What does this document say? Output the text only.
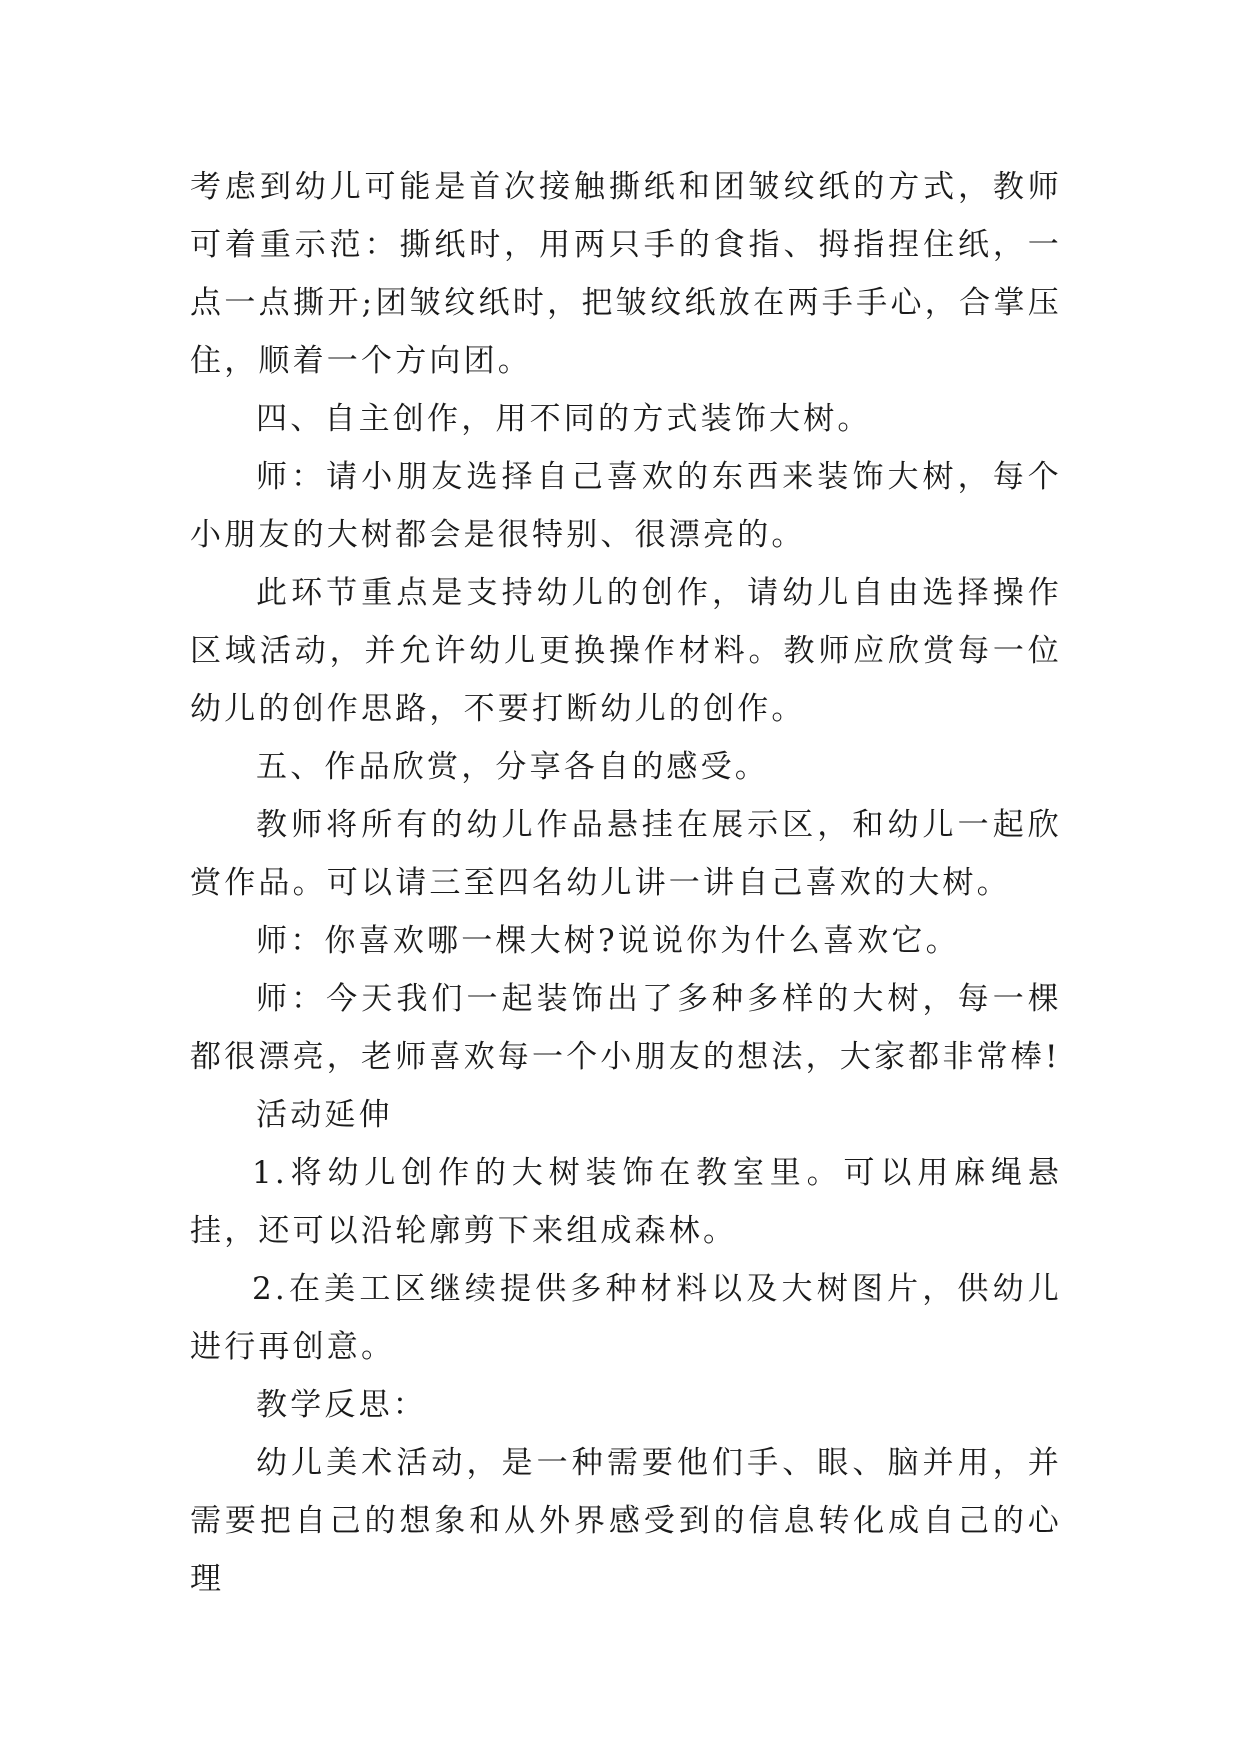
考虑到幼儿可能是首次接触撕纸和团皱纹纸的方式，教师可着重示范：撕纸时，用两只手的食指、拇指捏住纸，一点一点撕开;团皱纹纸时，把皱纹纸放在两手手心，合掌压住，顺着一个方向团。

四、自主创作，用不同的方式装饰大树。

师：请小朋友选择自己喜欢的东西来装饰大树，每个小朋友的大树都会是很特别、很漂亮的。

此环节重点是支持幼儿的创作，请幼儿自由选择操作区域活动，并允许幼儿更换操作材料。教师应欣赏每一位幼儿的创作思路，不要打断幼儿的创作。

五、作品欣赏，分享各自的感受。

教师将所有的幼儿作品悬挂在展示区，和幼儿一起欣赏作品。可以请三至四名幼儿讲一讲自己喜欢的大树。

师：你喜欢哪一棵大树?说说你为什么喜欢它。

师：今天我们一起装饰出了多种多样的大树，每一棵都很漂亮，老师喜欢每一个小朋友的想法，大家都非常棒!

活动延伸

1.将幼儿创作的大树装饰在教室里。可以用麻绳悬挂，还可以沿轮廓剪下来组成森林。

2.在美工区继续提供多种材料以及大树图片，供幼儿进行再创意。

教学反思：

幼儿美术活动，是一种需要他们手、眼、脑并用，并需要把自己的想象和从外界感受到的信息转化成自己的心理
